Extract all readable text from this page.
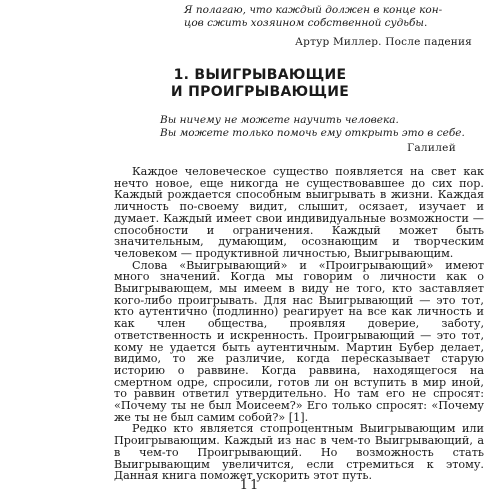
Я полагаю, что каждый должен в конце кон-
цов сжить хозяином собственной судьбы.
Артур Миллер. После падения
1. ВЫИГРЫВАЮЩИЕ
И ПРОИГРЫВАЮЩИЕ
Вы ничему не можете научить человека.
Вы можете только помочь ему открыть это в себе.
Галилей

Каждое человеческое существо появляется на свет как нечто новое, еще никогда не существовавшее до сих пор. Каждый рождается способным выигрывать в жизни. Каждая личность по-своему видит, слышит, осязает, изучает и думает. Каждый имеет свои индивидуальные возможности — способности и ограничения. Каждый может быть значительным, думающим, осознающим и творческим человеком — продуктивной личностью, Выигрывающим.

Слова «Выигрывающий» и «Проигрывающий» имеют много значений. Когда мы говорим о личности как о Выигрывающем, мы имеем в виду не того, кто заставляет кого-либо проигрывать. Для нас Выигрывающий — это тот, кто аутентично (подлинно) реагирует на все как личность и как член общества, проявляя доверие, заботу, ответственность и искренность. Проигрывающий — это тот, кому не удается быть аутентичным. Мартин Бубер делает, видимо, то же различие, когда пересказывает старую историю о раввине. Когда раввина, находящегося на смертном одре, спросили, готов ли он вступить в мир иной, то раввин ответил утвердительно. Но там его не спросят: «Почему ты не был Моисеем?» Его только спросят: «Почему же ты не был самим собой?» [1].

Редко кто является стопроцентным Выигрывающим или Проигрывающим. Каждый из нас в чем-то Выигрывающий, а в чем-то Проигрывающий. Но возможность стать Выигрывающим увеличится, если стремиться к этому. Данная книга поможет ускорить этот путь.

11
